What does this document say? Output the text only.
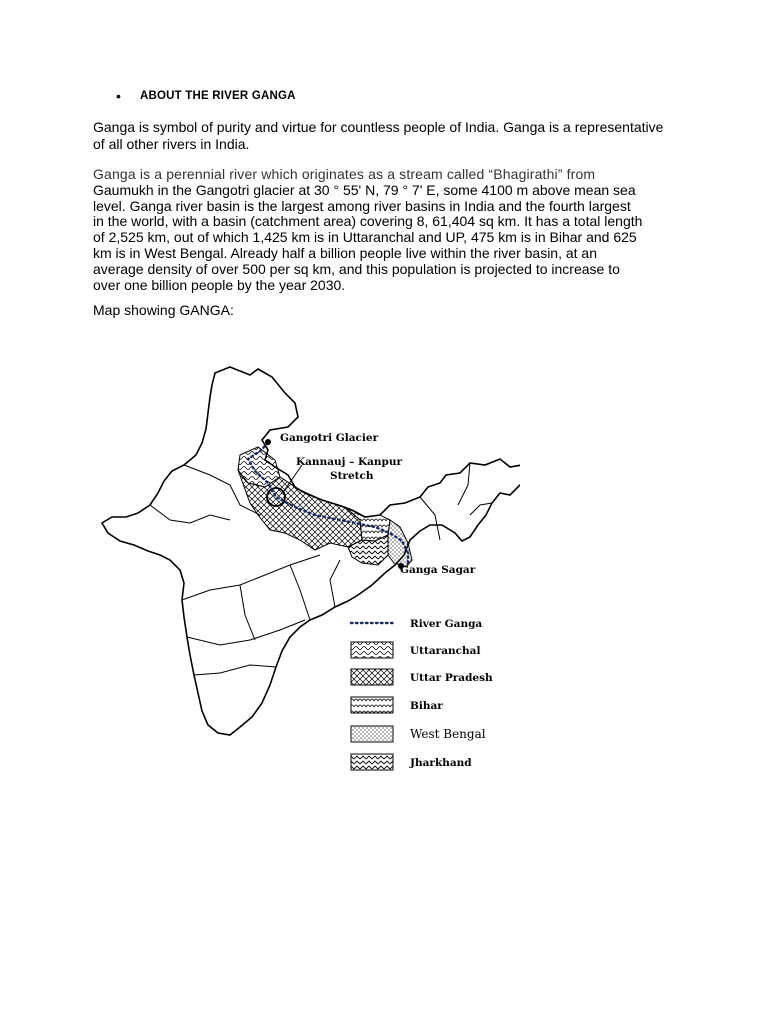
•	ABOUT THE RIVER GANGA

Ganga is symbol of purity and virtue for countless people of India. Ganga is a representative
of all other rivers in India.

Ganga is a perennial river which originates as a stream called “Bhagirathi” from
Gaumukh in the Gangotri glacier at 30 ° 55' N, 79 ° 7' E, some 4100 m above mean sea
level. Ganga river basin is the largest among river basins in India and the fourth largest
in the world, with a basin (catchment area) covering 8, 61,404 sq km. It has a total length
of 2,525 km, out of which 1,425 km is in Uttaranchal and UP, 475 km is in Bihar and 625
km is in West Bengal. Already half a billion people live within the river basin, at an
average density of over 500 per sq km, and this population is projected to increase to
over one billion people by the year 2030.

Map showing GANGA:

Gangotri Glacier
Kannauj – Kanpur
Stretch
Ganga Sagar
River Ganga
Uttaranchal
Uttar Pradesh
Bihar
West Bengal
Jharkhand
